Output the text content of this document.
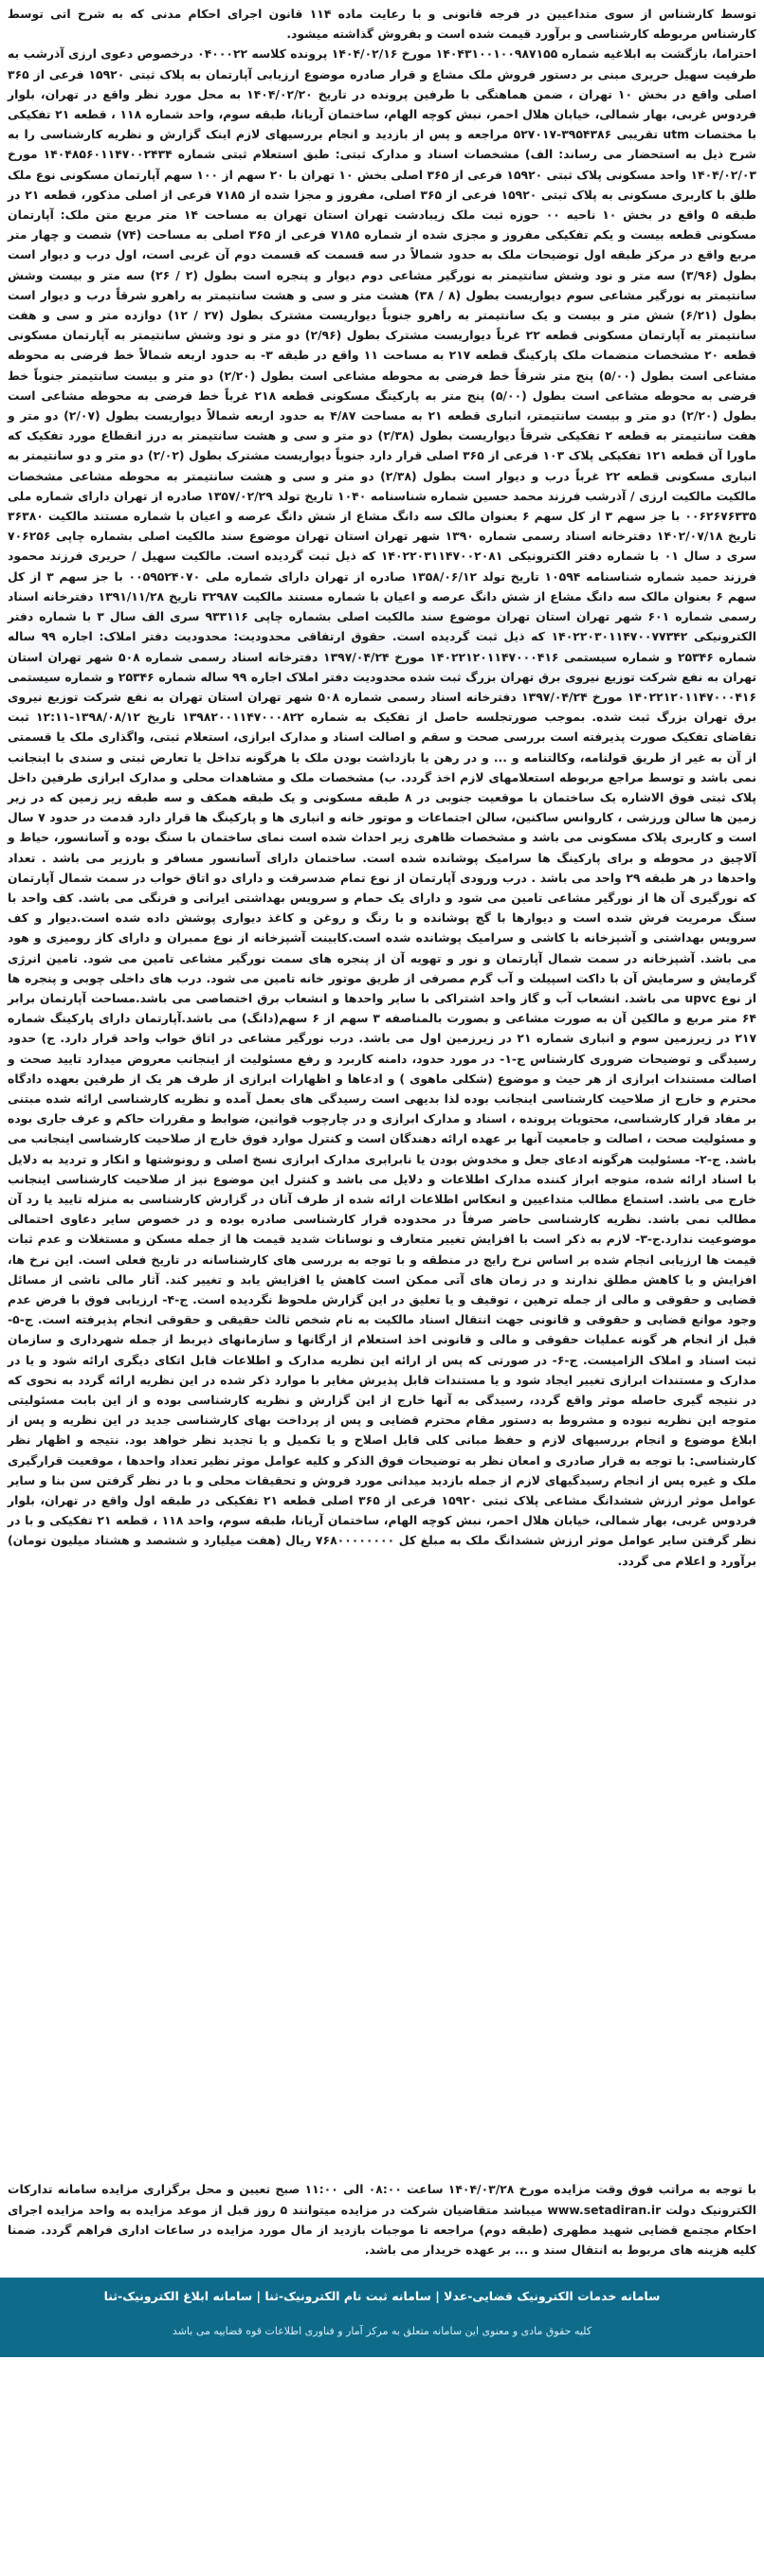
توسط کارشناس از سوی متداعیین در فرجه قانونی و با رعایت ماده ۱۱۴ قانون اجرای احکام مدنی که به شرح اتی توسط کارشناس مربوطه کارشناسی و برآورد قیمت شده است و بفروش گذاشته میشود.

احتراما، بازگشت به ابلاغیه شماره ۱۴۰۴۳۱۰۰۱۰۰۹۸۷۱۵۵ مورخ ۱۴۰۴/۰۲/۱۶ پرونده کلاسه ۰۴۰۰۰۲۲ درخصوص دعوی ارزی آذرشب به طرفیت سهیل حریری مبنی بر دستور فروش ملک مشاع و قرار صادره موضوع ارزیابی آپارتمان به پلاک ثبتی ۱۵۹۲۰ فرعی از ۳۶۵ اصلی واقع در بخش ۱۰ تهران ، ضمن هماهنگی با طرفین پرونده در تاریخ ۱۴۰۴/۰۲/۲۰ به محل مورد نظر واقع در تهران، بلوار فردوس غربی، بهار شمالی، خیابان هلال احمر، نبش کوچه الهام، ساختمان آریانا، طبقه سوم، واحد شماره ۱۱۸ ، قطعه ۲۱ تفکیکی با مختصات utm تقریبی ۳۹۵۴۳۸۶-۵۲۷۰۱۷ مراجعه و پس از بازدید و انجام بررسیهای لازم اینک گزارش و نظریه کارشناسی را به شرح ذیل به استحضار می رساند: الف) مشخصات اسناد و مدارک ثبتی: طبق استعلام ثبتی شماره ۱۴۰۴۸۵۶۰۱۱۴۷۰۰۲۴۳۴ مورخ ۱۴۰۴/۰۲/۰۳ واحد مسکونی پلاک ثبتی ۱۵۹۲۰ فرعی از ۳۶۵ اصلی بخش ۱۰ تهران با ۲۰ سهم از ۱۰۰ سهم آپارتمان مسکونی نوع ملک طلق با کاربری مسکونی به پلاک ثبتی ۱۵۹۲۰ فرعی از ۳۶۵ اصلی، مفروز و مجزا شده از ۷۱۸۵ فرعی از اصلی مذکور، قطعه ۲۱ در طبقه ۵ واقع در بخش ۱۰ ناحیه ۰۰ حوزه ثبت ملک زیبادشت تهران استان تهران به مساحت ۱۴ متر مربع متن ملک: آپارتمان مسکونی قطعه بیست و یکم تفکیکی مفروز و مجزی شده از شماره ۷۱۸۵ فرعی از ۳۶۵ اصلی به مساحت (۷۴) شصت و چهار متر مربع واقع در مرکز طبقه اول توضیحات ملک به حدود شمالاً در سه قسمت که قسمت دوم آن غربی است، اول درب و دیوار است بطول (۳/۹۶) سه متر و نود وشش سانتیمتر به نورگیر مشاعی دوم دیوار و پنجره است بطول (۲ / ۲۶) سه متر و بیست وشش سانتیمتر به نورگیر مشاعی سوم دیواریست بطول (۸ / ۳۸) هشت متر و سی و هشت سانتیمتر به راهرو شرقاً درب و دیوار است بطول (۶/۲۱) شش متر و بیست و یک سانتیمتر به راهرو جنوباً دیواریست مشترک بطول (۲۷ / ۱۲) دوازده متر و سی و هفت سانتیمتر به آپارتمان مسکونی قطعه ۲۲ غرباً دیواریست مشترک بطول (۲/۹۶) دو متر و نود وشش سانتیمتر به آپارتمان مسکونی قطعه ۲۰ مشخصات منضمات ملک پارکینگ قطعه ۲۱۷ به مساحت ۱۱ واقع در طبقه ۳- به حدود اربعه شمالاً خط فرضی به محوطه مشاعی است بطول (۵/۰۰) پنج متر شرقاً خط فرضی به محوطه مشاعی است بطول (۲/۲۰) دو متر و بیست سانتیمتر جنوباً خط فرضی به محوطه مشاعی است بطول (۵/۰۰) پنج متر به پارکینگ مسکونی قطعه ۲۱۸ غرباً خط فرضی به محوطه مشاعی است بطول (۲/۲۰) دو متر و بیست سانتیمتر، انباری قطعه ۲۱ به مساحت ۴/۸۷ به حدود اربعه شمالاً دیواریست بطول (۲/۰۷) دو متر و هفت سانتیمتر به قطعه ۲ تفکیکی شرقاً دیواریست بطول (۲/۳۸) دو متر و سی و هشت سانتیمتر به درز انقطاع مورد تفکیک که ماورا آن قطعه ۱۲۱ تفکیکی پلاک ۱۰۳ فرعی از ۳۶۵ اصلی قرار دارد جنوباً دیواریست مشترک بطول (۲/۰۲) دو متر و دو سانتیمتر به انباری مسکونی قطعه ۲۲ غرباً درب و دیوار است بطول (۲/۳۸) دو متر و سی و هشت سانتیمتر به محوطه مشاعی مشخصات مالکیت مالکیت ارزی / آذرشب فرزند محمد حسین شماره شناسنامه ۱۰۴۰ تاریخ تولد ۱۳۵۷/۰۲/۲۹ صادره از تهران دارای شماره ملی ۰۰۶۲۶۷۶۳۳۵ با جز سهم ۳ از کل سهم ۶ بعنوان مالک سه دانگ مشاع از شش دانگ عرصه و اعیان با شماره مستند مالکیت ۳۶۳۸۰ تاریخ ۱۴۰۲/۰۷/۱۸ دفترخانه اسناد رسمی شماره ۱۳۹۰ شهر تهران استان تهران موضوع سند مالکیت اصلی بشماره چاپی ۷۰۶۲۵۶ سری د سال ۰۱ با شماره دفتر الکترونیکی ۱۴۰۲۲۰۳۱۱۴۷۰۰۲۰۸۱ که ذیل ثبت گردیده است. مالکیت سهیل / حریری فرزند محمود فرزند حمید شماره شناسنامه ۱۰۵۹۴ تاریخ تولد ۱۳۵۸/۰۶/۱۲ صادره از تهران دارای شماره ملی ۰۰۵۹۵۲۴۰۷۰ با جز سهم ۳ از کل سهم ۶ بعنوان مالک سه دانگ مشاع از شش دانگ عرصه و اعیان با شماره مستند مالکیت ۳۲۹۸۷ تاریخ ۱۳۹۱/۱۱/۲۸ دفترخانه اسناد رسمی شماره ۶۰۱ شهر تهران استان تهران موضوع سند مالکیت اصلی بشماره چاپی ۹۳۳۱۱۶ سری الف سال ۳ با شماره دفتر الکترونیکی ۱۴۰۲۲۰۳۰۱۱۴۷۰۰۷۷۳۴۲ که ذیل ثبت گردیده است. حقوق ارتفاقی محدودیت: محدودیت دفتر املاک: اجاره ۹۹ ساله شماره ۲۵۳۴۶ و شماره سیستمی ۱۴۰۲۲۱۲۰۱۱۴۷۰۰۰۴۱۶ مورخ ۱۳۹۷/۰۴/۲۴ دفترخانه اسناد رسمی شماره ۵۰۸ شهر تهران استان تهران به نفع شرکت توزیع نیروی برق تهران بزرگ ثبت شده محدودیت دفتر املاک اجاره ۹۹ ساله شماره ۲۵۳۴۶ و شماره سیستمی ۱۴۰۲۲۱۲۰۱۱۴۷۰۰۰۴۱۶ مورخ ۱۳۹۷/۰۴/۲۴ دفترخانه اسناد رسمی شماره ۵۰۸ شهر تهران استان تهران به نفع شرکت توزیع نیروی برق تهران بزرگ ثبت شده. بموجب صورتجلسه حاصل از تفکیک به شماره ۱۳۹۸۲۰۰۱۱۴۷۰۰۰۸۲۲ تاریخ ۱۳۹۸/۰۸/۱۲-۱۲:۱۱ ثبت تقاضای تفکیک صورت پذیرفته است بررسی صحت و سقم و اصالت اسناد و مدارک ابرازی، استعلام ثبتی، واگذاری ملک یا قسمتی از آن به غیر از طریق قولنامه، وکالتنامه و ... و در رهن یا بازداشت بودن ملک یا هرگونه تداخل یا تعارض ثبتی و سندی با اینجانب نمی باشد و توسط مراجع مربوطه استعلامهای لازم اخذ گردد. ب) مشخصات ملک و مشاهدات محلی و مدارک ابرازی طرفین داخل پلاک ثبتی فوق الاشاره یک ساختمان با موقعیت جنوبی در ۸ طبقه مسکونی و یک طبقه همکف و سه طبقه زیر زمین که در زیر زمین ها سالن ورزشی ، کاروانس ساکنین، سالن اجتماعات و موتور خانه و انباری ها و پارکینگ ها قرار دارد قدمت در حدود ۷ سال است و کاربری پلاک مسکونی می باشد و مشخصات ظاهری زیر احداث شده است نمای ساختمان با سنگ بوده و آسانسور، حیاط و آلاچیق در محوطه و برای پارکینگ ها سرامیک پوشانده شده است. ساختمان دارای آسانسور مسافر و بارزیر می باشد . تعداد واحدها در هر طبقه ۲۹ واحد می باشد . درب ورودی آپارتمان از نوع تمام ضدسرقت و دارای دو اتاق خواب در سمت شمال آپارتمان که نورگیری آن ها از نورگیر مشاعی تامین می شود و دارای یک حمام و سرویس بهداشتی ایرانی و فرنگی می باشد. کف واحد با سنگ مرمریت فرش شده است و دیوارها با گچ پوشانده و با رنگ و روغن و کاغذ دیواری پوشش داده شده است.دیوار و کف سرویس بهداشتی و آشپزخانه با کاشی و سرامیک پوشانده شده است.کابینت آشپزخانه از نوع ممبران و دارای کاز رومیزی و هود می باشد. آشپزخانه در سمت شمال آپارتمان و نور و تهویه آن از پنجره های سمت نورگیر مشاعی تامین می شود. تامین انرژی گرمایش و سرمایش آن با داکت اسپیلت و آب گرم مصرفی از طریق موتور خانه تامین می شود. درب های داخلی چوبی و پنجره ها از نوع upvc می باشد. انشعاب آب و گاز واحد اشتراکی با سایر واحدها و انشعاب برق اختصاصی می باشد.مساحت آپارتمان برابر ۶۴ متر مربع و مالکین آن به صورت مشاعی و بصورت بالمناصفه ۳ سهم از ۶ سهم(دانگ) می باشد.آپارتمان دارای پارکینگ شماره ۲۱۷ در زیرزمین سوم و انباری شماره ۲۱ در زیرزمین اول می باشد. درب نورگیر مشاعی در اتاق خواب واحد قرار دارد. ج) حدود رسیدگی و توضیحات ضروری کارشناس ج-۱- در مورد حدود، دامنه کاربرد و رفع مسئولیت از اینجانب معروض میدارد تایید صحت و اصالت مستندات ابرازی از هر حیث و موضوع (شکلی ماهوی ) و ادعاها و اظهارات ابرازی از طرف هر یک از طرفین بعهده دادگاه محترم و خارج از صلاحیت کارشناسی اینجانب بوده لذا بدیهی است رسیدگی های بعمل آمده و نظریه کارشناسی ارائه شده مبتنی بر مفاد قرار کارشناسی، محتویات پرونده ، اسناد و مدارک ابرازی و در چارچوب قوانین، ضوابط و مقررات حاکم و عرف جاری بوده و مسئولیت صحت ، اصالت و جامعیت آنها بر عهده ارائه دهندگان است و کنترل موارد فوق خارج از صلاحیت کارشناسی اینجانب می باشد. ج-۲- مسئولیت هرگونه ادعای جعل و مخدوش بودن یا نابرابری مدارک ابرازی نسخ اصلی و رونوشتها و انکار و تردید به دلایل با اسناد ارائه شده، متوجه ابراز کننده مدارک اطلاعات و دلایل می باشد و کنترل این موضوع نیز از صلاحیت کارشناسی اینجانب خارج می باشد. استماع مطالب متداعیین و انعکاس اطلاعات ارائه شده از طرف آنان در گزارش کارشناسی به منزله تایید یا رد آن مطالب نمی باشد. نظریه کارشناسی حاضر صرفاً در محدوده قرار کارشناسی صادره بوده و در خصوص سایر دعاوی احتمالی موضوعیت ندارد.ج-۳- لازم به ذکر است با افزایش تغییر متعارف و نوسانات شدید قیمت ها از جمله مسکن و مستغلات و عدم ثبات قیمت ها ارزیابی انجام شده بر اساس نرخ رایج در منطقه و با توجه به بررسی های کارشناسانه در تاریخ فعلی است. این نرخ ها، افزایش و یا کاهش مطلق ندارند و در زمان های آتی ممکن است کاهش یا افزایش یابد و تغییر کند. آثار مالی ناشی از مسائل قضایی و حقوقی و مالی از جمله ترهین ، توقیف و یا تعلیق در این گزارش ملحوظ نگردیده است. ج-۴- ارزیابی فوق با فرض عدم وجود موانع قضایی و حقوقی و قانونی جهت انتقال اسناد مالکیت به نام شخص ثالث حقیقی و حقوقی انجام پذیرفته است. ج-۵- قبل از انجام هر گونه عملیات حقوقی و مالی و قانونی اخذ استعلام از ارگانها و سازمانهای ذیربط از جمله شهرداری و سازمان ثبت اسناد و املاک الزامیست. ج-۶- در صورتی که پس از ارائه این نظریه مدارک و اطلاعات قابل اتکای دیگری ارائه شود و یا در مدارک و مستندات ابرازی تغییر ایجاد شود و یا مستندات قابل پذیرش مغایر با موارد ذکر شده در این نظریه ارائه گردد به نحوی که در نتیجه گیری حاصله موثر واقع گردد، رسیدگی به آنها خارج از این گزارش و نظریه کارشناسی بوده و از این بابت مسئولیتی متوجه این نظریه نبوده و مشروط به دستور مقام محترم قضایی و پس از پرداخت بهای کارشناسی جدید در این نظریه و پس از ابلاغ موضوع و انجام بررسیهای لازم و حفظ مبانی کلی قابل اصلاح و یا تکمیل و یا تجدید نظر خواهد بود. نتیجه و اظهار نظر کارشناسی: با توجه به قرار صادری و امعان نظر به توضیحات فوق الذکر و کلیه عوامل موثر نظیر تعداد واحدها ، موقعیت قرارگیری ملک و غیره پس از انجام رسیدگیهای لازم از جمله بازدید میدانی مورد فروش و تحقیقات محلی و با در نظر گرفتن سن بنا و سایر عوامل موثر ارزش ششدانگ مشاعی پلاک ثبتی ۱۵۹۲۰ فرعی از ۳۶۵ اصلی قطعه ۲۱ تفکیکی در طبقه اول واقع در تهران، بلوار فردوس غربی، بهار شمالی، خیابان هلال احمر، نبش کوچه الهام، ساختمان آریانا، طبقه سوم، واحد ۱۱۸ ، قطعه ۲۱ تفکیکی و با در نظر گرفتن سایر عوامل موثر ارزش ششدانگ ملک به مبلغ کل ۷۶۸۰۰۰۰۰۰۰۰ ریال (هفت میلیارد و ششصد و هشتاد میلیون تومان) برآورد و اعلام می گردد.

با توجه به مراتب فوق وقت مزایده مورخ ۱۴۰۴/۰۳/۲۸ ساعت ۰۸:۰۰ الی ۱۱:۰۰ صبح تعیین و محل برگزاری مزایده سامانه تدارکات الکترونیک دولت www.setadiran.ir میباشد متقاضیان شرکت در مزایده میتوانند ۵ روز قبل از موعد مزایده به واحد مزایده اجرای احکام مجتمع قضایی شهید مطهری (طبقه دوم) مراجعه تا موجبات بازدید از مال مورد مزایده در ساعات اداری فراهم گردد. ضمنا کلیه هزینه های مربوط به انتقال سند و ... بر عهده خریدار می باشد.

سامانه خدمات الکترونیک قضایی-عدلا | سامانه ثبت نام الکترونیک-ثنا | سامانه ابلاغ الکترونیک-ثنا
کلیه حقوق مادی و معنوی این سامانه متعلق به مرکز آمار و فناوری اطلاعات قوه قضاییه می باشد
